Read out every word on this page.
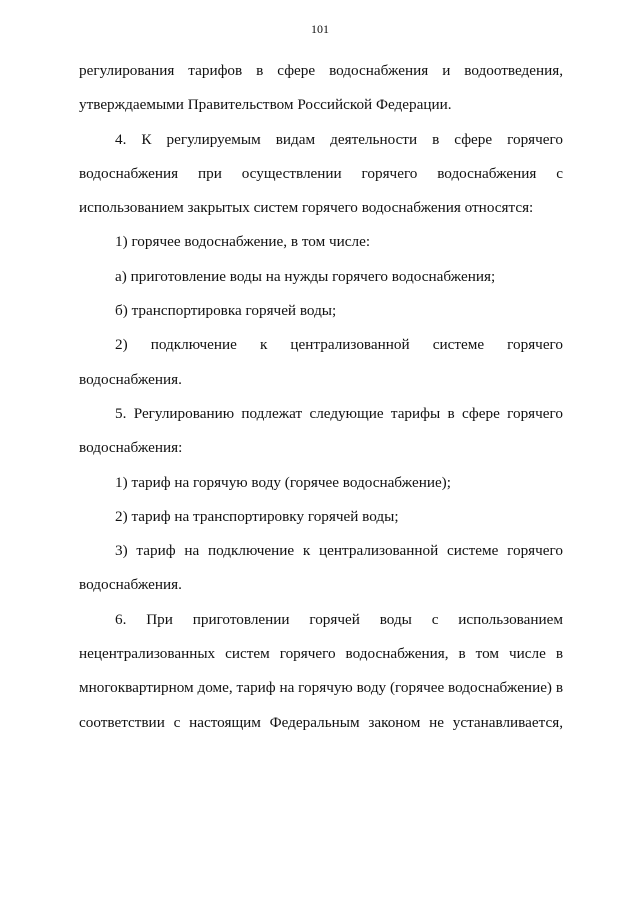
101
регулирования тарифов в сфере водоснабжения и водоотведения,
утверждаемыми Правительством Российской Федерации.
4. К регулируемым видам деятельности в сфере горячего
водоснабжения при осуществлении горячего водоснабжения с
использованием закрытых систем горячего водоснабжения относятся:
1) горячее водоснабжение, в том числе:
а) приготовление воды на нужды горячего водоснабжения;
б) транспортировка горячей воды;
2) подключение к централизованной системе горячего
водоснабжения.
5. Регулированию подлежат следующие тарифы в сфере горячего
водоснабжения:
1) тариф на горячую воду (горячее водоснабжение);
2) тариф на транспортировку горячей воды;
3) тариф на подключение к централизованной системе горячего
водоснабжения.
6. При приготовлении горячей воды с использованием
нецентрализованных систем горячего водоснабжения, в том числе в
многоквартирном доме, тариф на горячую воду (горячее водоснабжение) в
соответствии с настоящим Федеральным законом не устанавливается,
